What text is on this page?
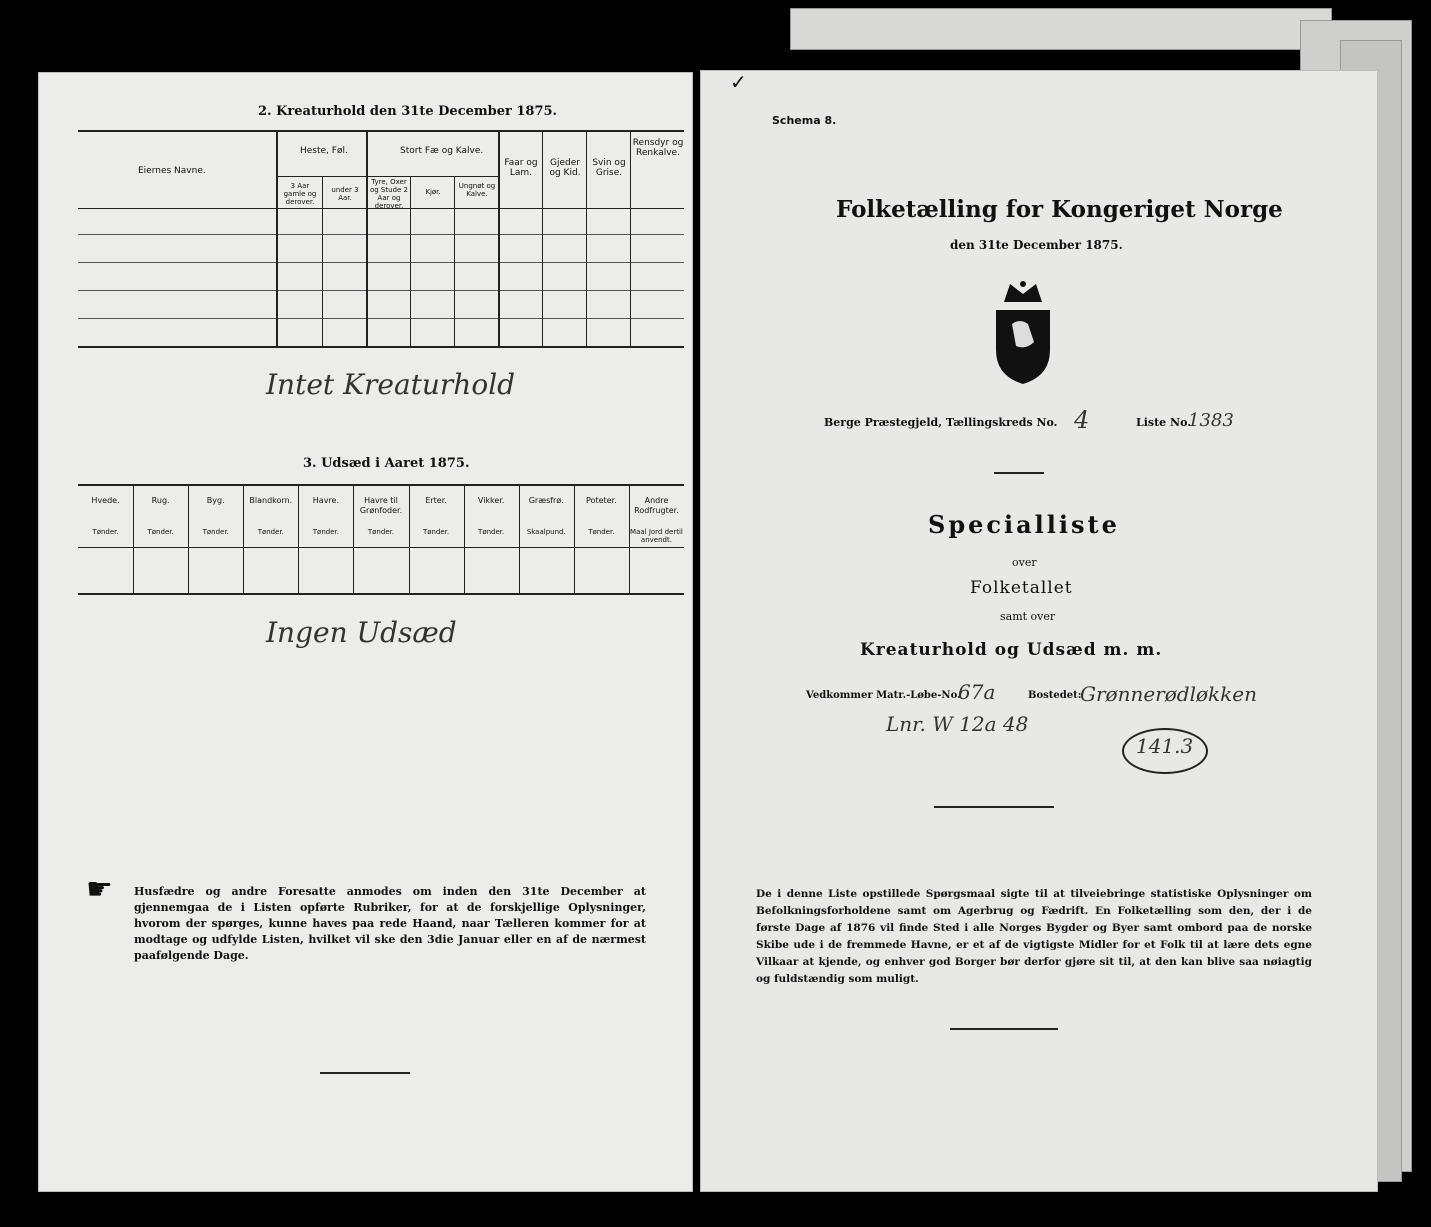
2. Kreaturhold den 31te December 1875.
Eiernes Navne.
Heste, Føl.
3 Aar gamle og derover.
under 3 Aar.
Stort Fæ og Kalve.
Tyre, Oxer og Stude 2 Aar og derover.
Kjør.
Ungnøt og Kalve.
Faar og Lam.
Gjeder og Kid.
Svin og Grise.
Rensdyr og Renkalve.
Intet Kreaturhold
3. Udsæd i Aaret 1875.
Hvede.
Tønder.
Rug.
Tønder.
Byg.
Tønder.
Blandkorn.
Tønder.
Havre.
Tønder.
Havre til Grønfoder.
Tønder.
Erter.
Tønder.
Vikker.
Tønder.
Græsfrø.
Skaalpund.
Poteter.
Tønder.
Andre Rodfrugter.
Maal Jord dertil anvendt.
Ingen Udsæd
☛ Husfædre og andre Foresatte anmodes om inden den 31te December at gjennemgaa de i Listen opførte Rubriker, for at de forskjellige Oplysninger, hvorom der spørges, kunne haves paa rede Haand, naar Tælleren kommer for at modtage og udfylde Listen, hvilket vil ske den 3die Januar eller en af de nærmest paafølgende Dage.
✓
Schema 8.
Folketælling for Kongeriget Norge
den 31te December 1875.
Berge Præstegjeld, Tællingskreds No. 4	Liste No.
1383
Specialliste
over
Folketallet
samt over
Kreaturhold og Udsæd m. m.
Vedkommer Matr.-Løbe-No.
67a	Bostedet:
Grønnerødløkken
Lnr. W 12a 48
141.3
De i denne Liste opstillede Spørgsmaal sigte til at tilveiebringe statistiske Oplysninger om Befolkningsforholdene samt om Agerbrug og Fædrift. En Folketælling som den, der i de første Dage af 1876 vil finde Sted i alle Norges Bygder og Byer samt ombord paa de norske Skibe ude i de fremmede Havne, er et af de vigtigste Midler for et Folk til at lære dets egne Vilkaar at kjende, og enhver god Borger bør derfor gjøre sit til, at den kan blive saa nøiagtig og fuldstændig som muligt.
